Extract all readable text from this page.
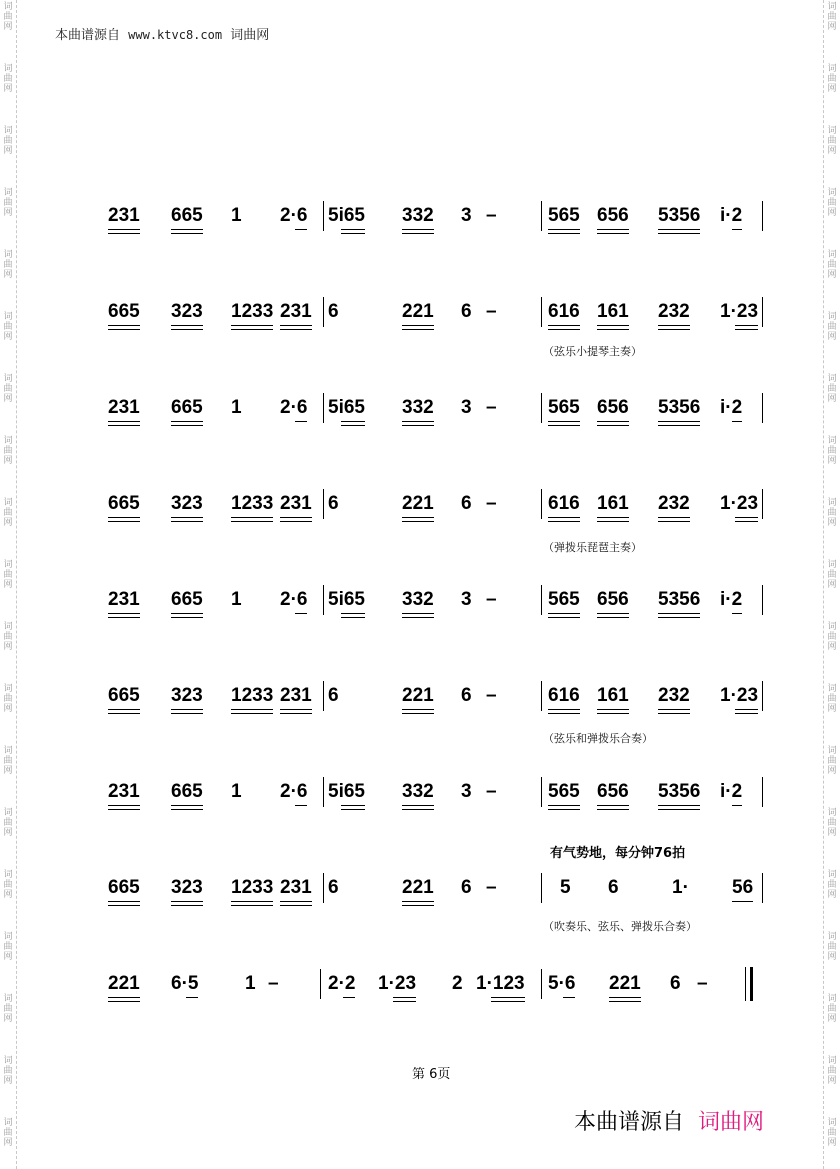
词
曲
网
词
曲
网
词
曲
网
词
曲
网
词
曲
网
词
曲
网
词
曲
网
词
曲
网
词
曲
网
词
曲
网
词
曲
网
词
曲
网
词
曲
网
词
曲
网
词
曲
网
词
曲
网
词
曲
网
词
曲
网
词
曲
网
词
曲
网
词
曲
网
词
曲
网
词
曲
网
词
曲
网
词
曲
网
词
曲
网
词
曲
网
词
曲
网
词
曲
网
词
曲
网
词
曲
网
词
曲
网
词
曲
网
词
曲
网
词
曲
网
词
曲
网
词
曲
网
词
曲
网
本曲谱源自 www.ktvc8.com 词曲网
231 665 1 2·6 5i65 332 3 –	565 656 5356 i·2
665 323 1233 231 6	221 6 –	616 161 232 1·23
231 665 1 2·6 5i65 332 3 –	565 656 5356 i·2
665 323 1233 231 6	221 6 –	616 161 232 1·23
231 665 1 2·6 5i65 332 3 –	565 656 5356 i·2
665 323 1233 231 6	221 6 –	616 161 232 1·23
231 665 1 2·6 5i65 332 3 –	565 656 5356 i·2
665 323 1233 231 6	221 6 –	5 6	1· 56
221 6·5 1 –	2·2 1·23 2 1·123 5·6 221 6 –
（弦乐小提琴主奏）
（弹拨乐琵琶主奏）
（弦乐和弹拨乐合奏）
有气势地，每分钟76拍
（吹奏乐、弦乐、弹拨乐合奏）
第 6页
本曲谱源自 词曲网
